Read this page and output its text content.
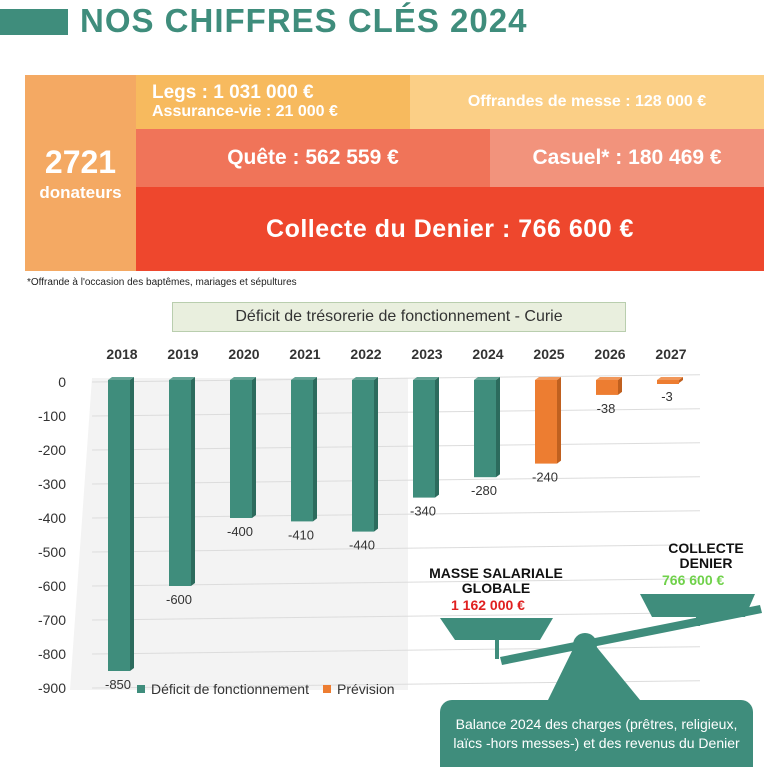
NOS CHIFFRES CLÉS 2024
2721
donateurs
Legs : 1 031 000 €
Assurance-vie : 21 000 €
Offrandes de messe : 128 000 €
Quête : 562 559 €	Casuel* : 180 469 €
Collecte du Denier : 766 600 €
*Offrande à l'occasion des baptêmes, mariages et sépultures
Déficit de trésorerie de fonctionnement - Curie
0
-100
-200
-300
-400
-500
-600
-700
-800
-900
2018 2019 2020 2021 2022 2023 2024 2025 2026 2027
-850
-600
-400	-410
-440
-340
-280
-240
-38
-3
Déficit de fonctionnement Prévision
MASSE SALARIALE
GLOBALE
1 162 000 €
COLLECTE
DENIER
766 600 €
Balance 2024 des charges (prêtres, religieux, laïcs -hors messes-) et des revenus du Denier
